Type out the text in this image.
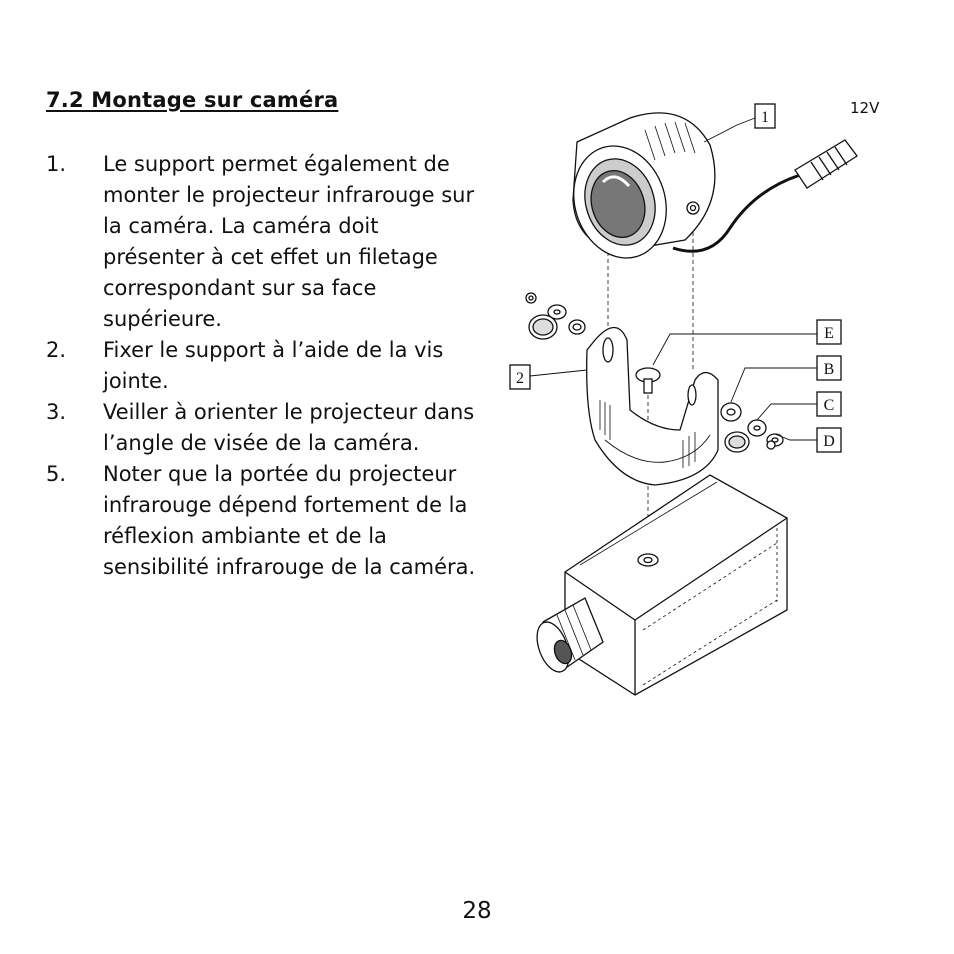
7.2 Montage sur caméra
1. Le support permet également de monter le projecteur infrarouge sur la caméra. La caméra doit présenter à cet effet un filetage correspondant sur sa face supérieure.
2. Fixer le support à l’aide de la vis jointe.
3. Veiller à orienter le projecteur dans l’angle de visée de la caméra.
5. Noter que la portée du projecteur infrarouge dépend fortement de la réflexion ambiante et de la sensibilité infrarouge de la caméra.
12V
1
2
E
B
C
D
28
